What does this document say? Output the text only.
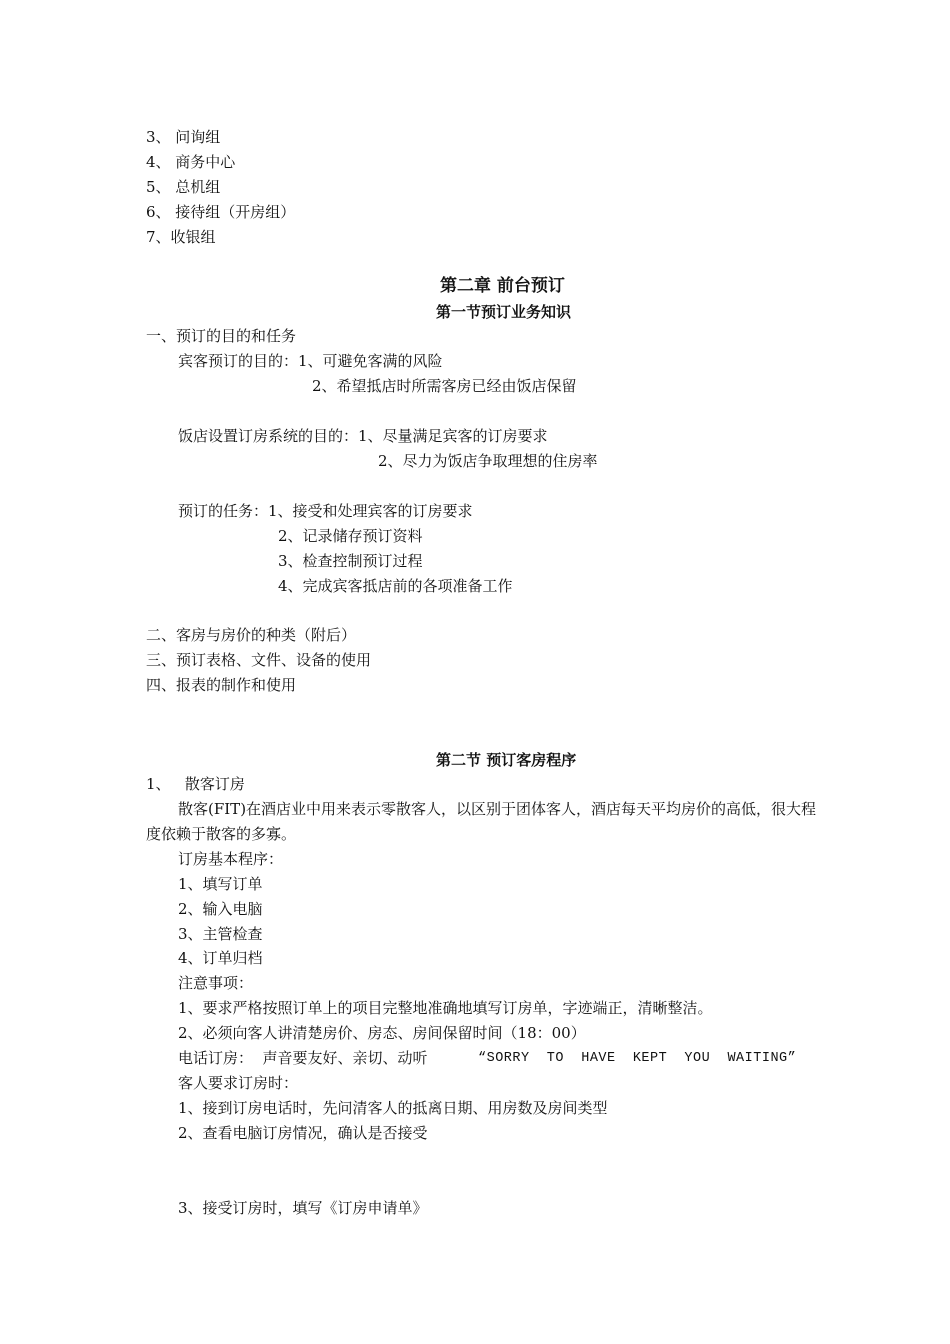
3、 问询组
4、 商务中心
5、 总机组
6、 接待组（开房组）
7、收银组
第二章 前台预订
第一节预订业务知识
一、预订的目的和任务
宾客预订的目的：1、可避免客满的风险
2、希望抵店时所需客房已经由饭店保留
饭店设置订房系统的目的：1、尽量满足宾客的订房要求
2、尽力为饭店争取理想的住房率
预订的任务：1、接受和处理宾客的订房要求
2、记录储存预订资料
3、检查控制预订过程
4、完成宾客抵店前的各项准备工作
二、客房与房价的种类（附后）
三、预订表格、文件、设备的使用
四、报表的制作和使用
第二节 预订客房程序
1、   散客订房
散客(FIT)在酒店业中用来表示零散客人，以区别于团体客人，酒店每天平均房价的高低，很大程
度依赖于散客的多寡。
订房基本程序：
1、填写订单
2、输入电脑
3、主管检查
4、订单归档
注意事项：
1、要求严格按照订单上的项目完整地准确地填写订房单，字迹端正，清晰整洁。
2、必须向客人讲清楚房价、房态、房间保留时间（18：00）
电话订房：  声音要友好、亲切、动听	“SORRY  TO  HAVE  KEPT  YOU  WAITING”
客人要求订房时：
1、接到订房电话时，先问清客人的抵离日期、用房数及房间类型
2、查看电脑订房情况，确认是否接受
3、接受订房时，填写《订房申请单》
